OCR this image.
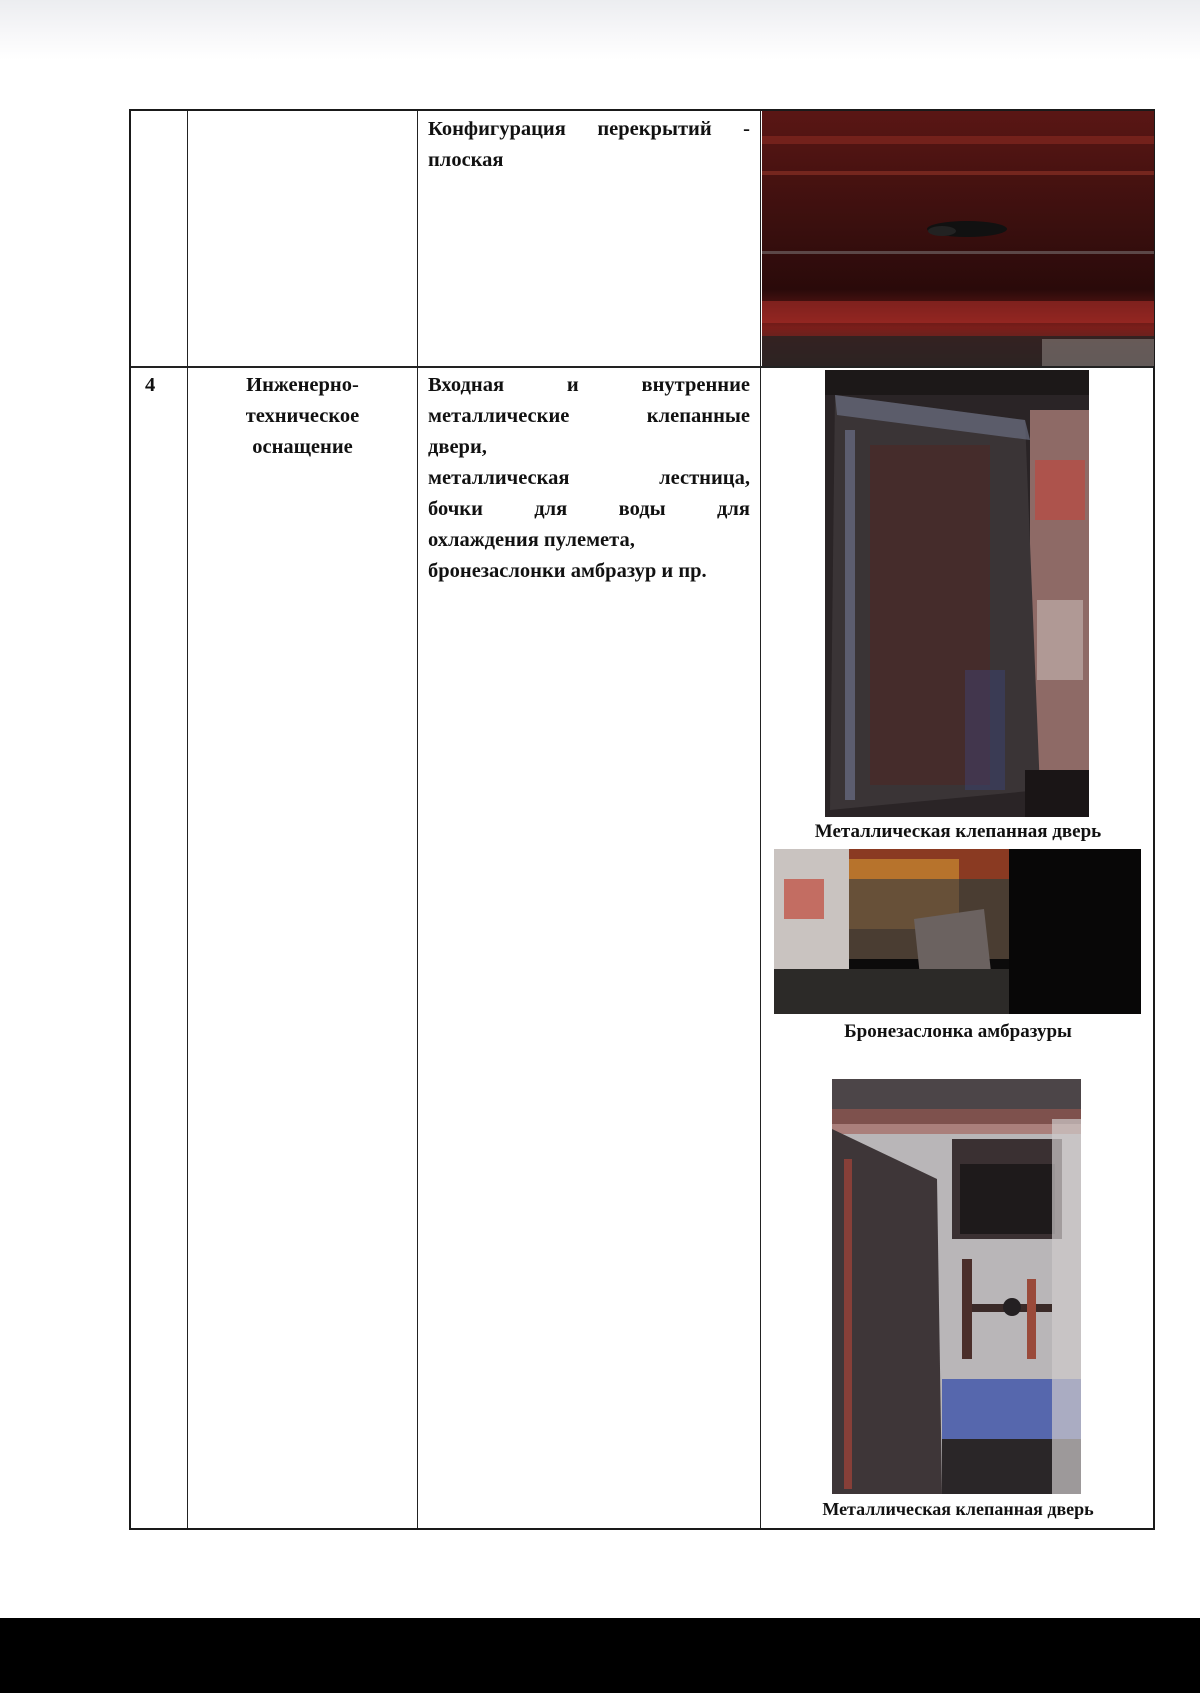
Конфигурация перекрытий -
плоская
4	Инженерно-
техническое
оснащение
Входная и внутренние
металлические клепанные
двери,
металлическая лестница,
бочки для воды для
охлаждения пулемета,
бронезаслонки амбразур и пр.
Металлическая клепанная дверь
Бронезаслонка амбразуры
Металлическая клепанная дверь
